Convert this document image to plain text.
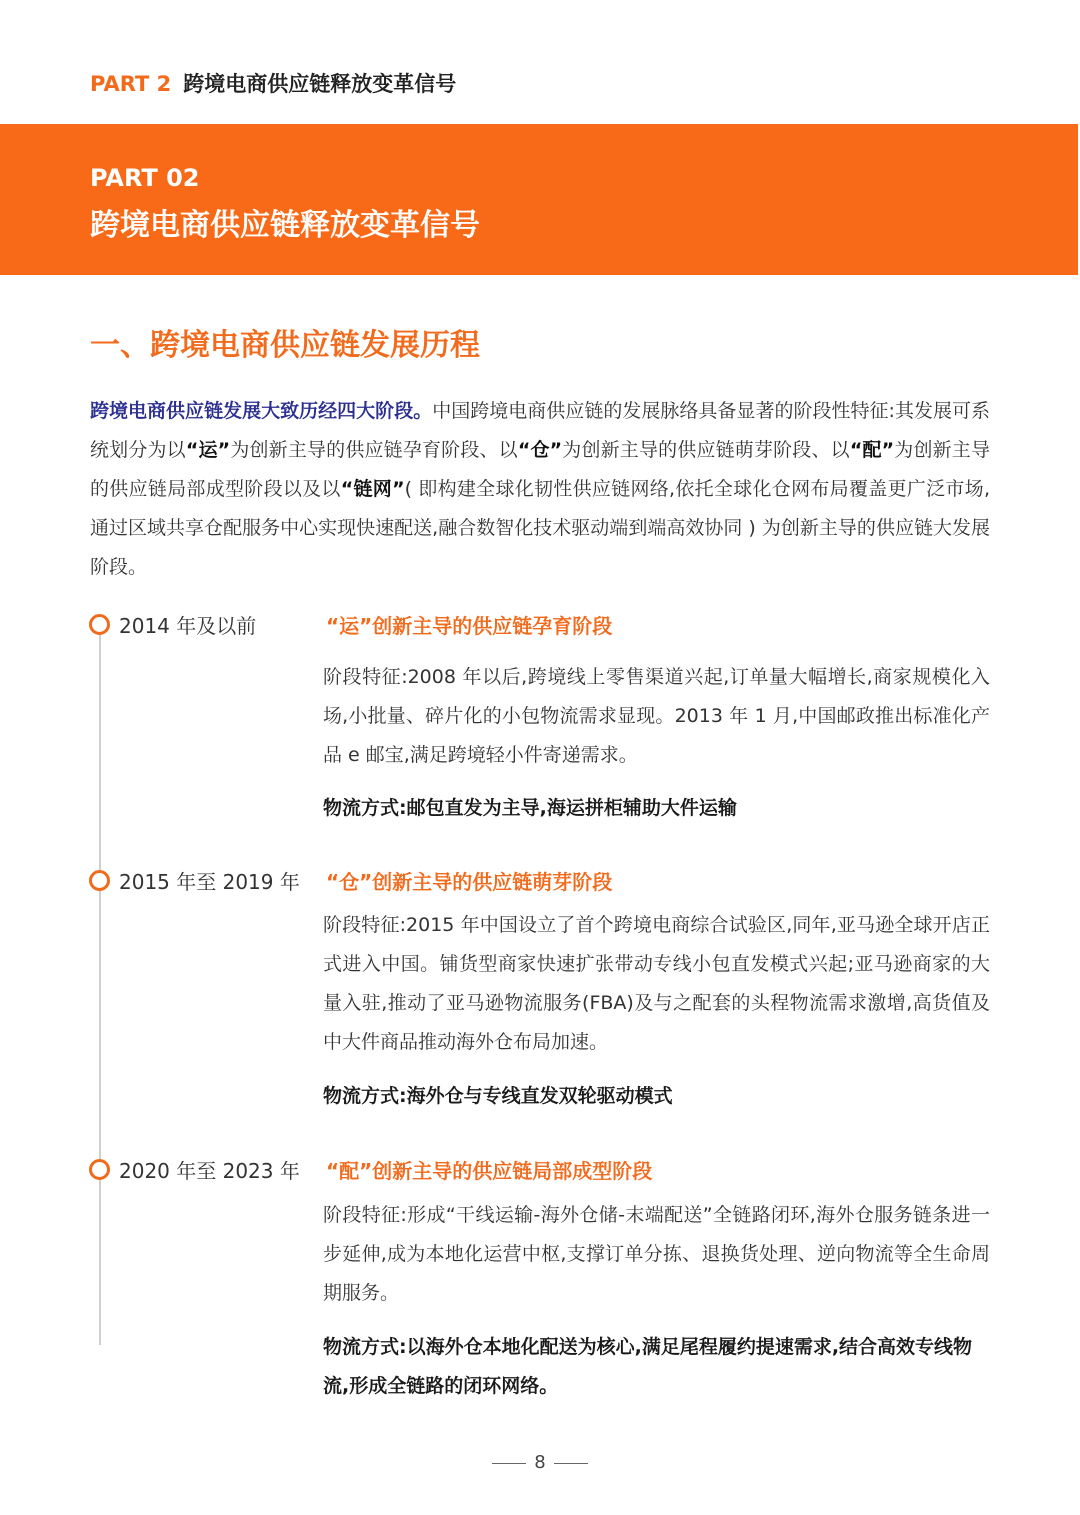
PART 2 跨境电商供应链释放变革信号
PART 02
跨境电商供应链释放变革信号
一、跨境电商供应链发展历程

跨境电商供应链发展大致历经四大阶段。中国跨境电商供应链的发展脉络具备显著的阶段性特征:其发展可系统划分为以“运”为创新主导的供应链孕育阶段、以“仓”为创新主导的供应链萌芽阶段、以“配”为创新主导的供应链局部成型阶段以及以“链网”( 即构建全球化韧性供应链网络,依托全球化仓网布局覆盖更广泛市场,通过区域共享仓配服务中心实现快速配送,融合数智化技术驱动端到端高效协同 ) 为创新主导的供应链大发展阶段。

2014 年及以前	“运”创新主导的供应链孕育阶段

阶段特征:2008 年以后,跨境线上零售渠道兴起,订单量大幅增长,商家规模化入场,小批量、碎片化的小包物流需求显现。2013 年 1 月,中国邮政推出标准化产品 e 邮宝,满足跨境轻小件寄递需求。

物流方式:邮包直发为主导,海运拼柜辅助大件运输

2015 年至 2019 年 “仓”创新主导的供应链萌芽阶段

阶段特征:2015 年中国设立了首个跨境电商综合试验区,同年,亚马逊全球开店正式进入中国。铺货型商家快速扩张带动专线小包直发模式兴起;亚马逊商家的大量入驻,推动了亚马逊物流服务(FBA)及与之配套的头程物流需求激增,高货值及中大件商品推动海外仓布局加速。

物流方式:海外仓与专线直发双轮驱动模式

2020 年至 2023 年 “配”创新主导的供应链局部成型阶段

阶段特征:形成“干线运输-海外仓储-末端配送”全链路闭环,海外仓服务链条进一步延伸,成为本地化运营中枢,支撑订单分拣、退换货处理、逆向物流等全生命周期服务。

物流方式:以海外仓本地化配送为核心,满足尾程履约提速需求,结合高效专线物流,形成全链路的闭环网络。

8
